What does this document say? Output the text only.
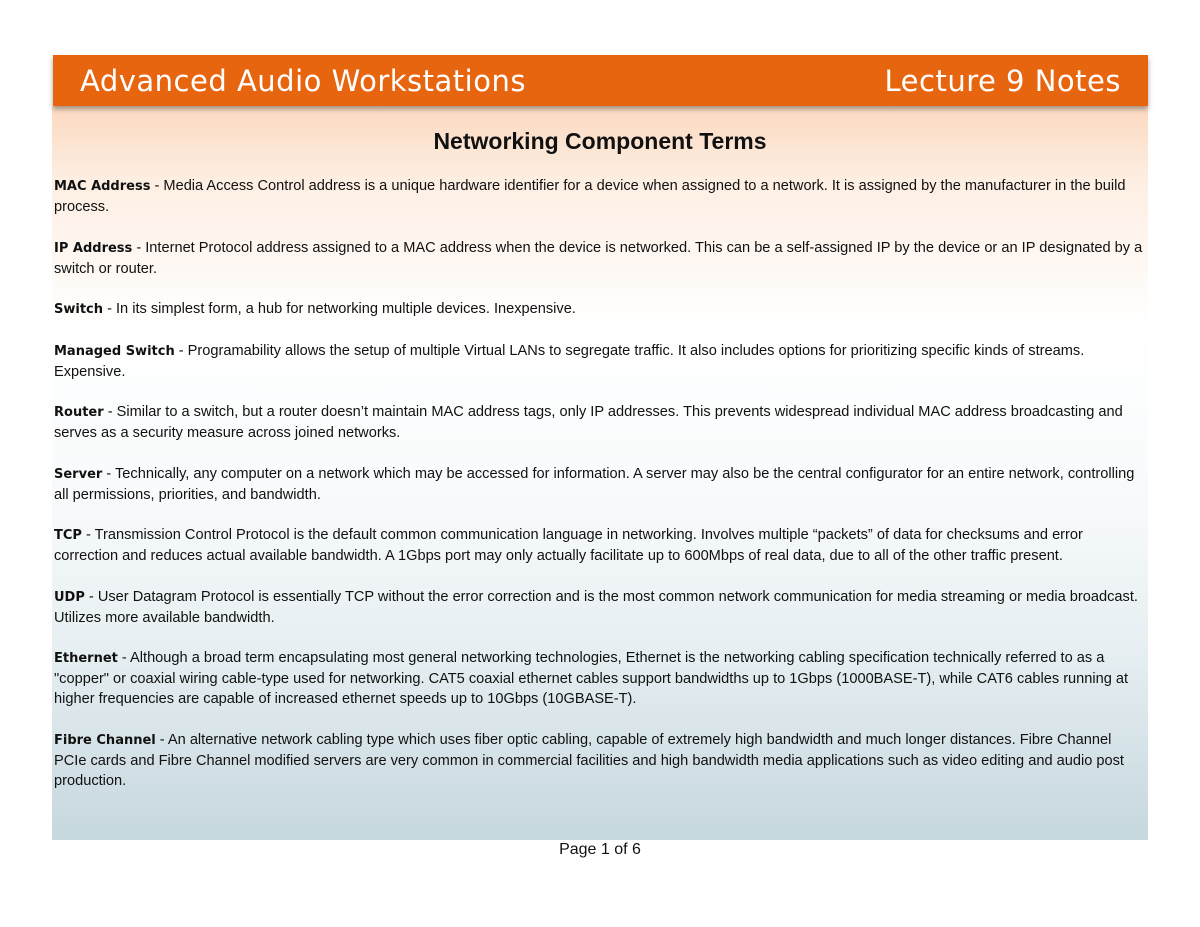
Advanced Audio Workstations	Lecture 9 Notes
Networking Component Terms

MAC Address - Media Access Control address is a unique hardware identifier for a device when assigned to a network. It is assigned by the manufacturer in the build process.

IP Address - Internet Protocol address assigned to a MAC address when the device is networked. This can be a self-assigned IP by the device or an IP designated by a switch or router.

Switch - In its simplest form, a hub for networking multiple devices. Inexpensive.

Managed Switch - Programability allows the setup of multiple Virtual LANs to segregate traffic. It also includes options for prioritizing specific kinds of streams. Expensive.

Router - Similar to a switch, but a router doesn’t maintain MAC address tags, only IP addresses. This prevents widespread individual MAC address broadcasting and serves as a security measure across joined networks.

Server - Technically, any computer on a network which may be accessed for information. A server may also be the central configurator for an entire network, controlling all permissions, priorities, and bandwidth.

TCP - Transmission Control Protocol is the default common communication language in networking. Involves multiple “packets” of data for checksums and error correction and reduces actual available bandwidth. A 1Gbps port may only actually facilitate up to 600Mbps of real data, due to all of the other traffic present.

UDP - User Datagram Protocol is essentially TCP without the error correction and is the most common network communication for media streaming or media broadcast. Utilizes more available bandwidth.

Ethernet - Although a broad term encapsulating most general networking technologies, Ethernet is the networking cabling specification technically referred to as a "copper" or coaxial wiring cable-type used for networking. CAT5 coaxial ethernet cables support bandwidths up to 1Gbps (1000BASE-T), while CAT6 cables running at higher frequencies are capable of increased ethernet speeds up to 10Gbps (10GBASE-T).

Fibre Channel - An alternative network cabling type which uses fiber optic cabling, capable of extremely high bandwidth and much longer distances. Fibre Channel PCIe cards and Fibre Channel modified servers are very common in commercial facilities and high bandwidth media applications such as video editing and audio post production.

Page 1 of 6
